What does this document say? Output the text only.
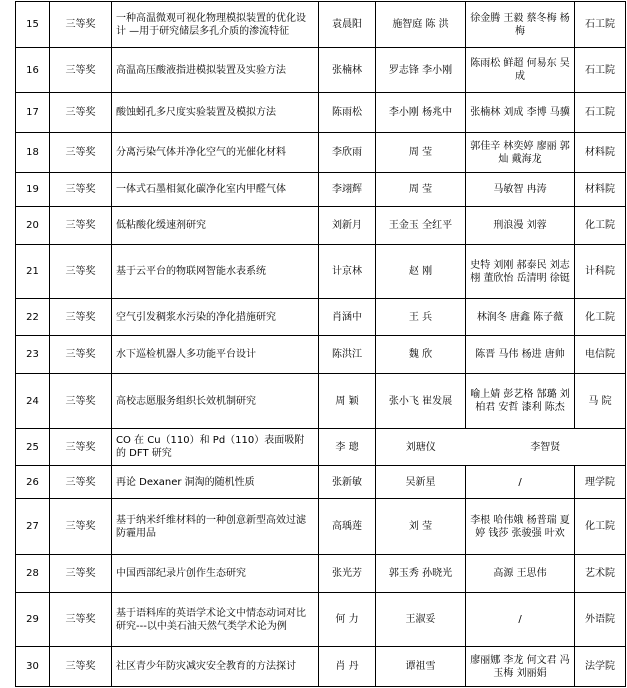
15	三等奖	一种高温微观可视化物理模拟装置的优化设计 —用于研究储层多孔介质的渗流特征	袁晨阳	施智庭 陈 洪	徐金腾 王毅 蔡冬梅 杨梅	石工院
16	三等奖	高温高压酸液指进模拟装置及实验方法	张楠林	罗志锋 李小刚	陈雨松 鲜超 何易东 吴成	石工院
17	三等奖	酸蚀蚓孔多尺度实验装置及模拟方法	陈雨松	李小刚 杨兆中	张楠林 刘成 李博 马骥	石工院
18	三等奖	分离污染气体并净化空气的光催化材料	李欣雨	周 莹	郭佳辛 林奕婷 廖丽 郭灿 戴海龙	材料院
19	三等奖	一体式石墨相氮化碳净化室内甲醛气体	李翊辉	周 莹	马敏智 冉涛	材料院
20	三等奖	低粘酸化缓速剂研究	刘新月	王金玉 全红平	刑浪漫 刘蓉	化工院
21	三等奖	基于云平台的物联网智能水表系统	计京林	赵 刚	史特 刘刚 郝泰民 刘志栩 董欣怡 岳清明 徐铤	计科院
22	三等奖	空气引发稠浆水污染的净化措施研究	肖涵中	王 兵	林润冬 唐鑫 陈子薇	化工院
23	三等奖	水下巡检机器人多功能平台设计	陈洪江	魏 欣	陈晋 马伟 杨进 唐帅	电信院
24	三等奖	高校志愿服务组织长效机制研究	周 颖	张小飞 崔发展	喻上婧 彭艺格 郜璐 刘柏君 安哲 漆利 陈杰	马 院
25	三等奖	CO 在 Cu（110）和 Pd（110）表面吸附的 DFT 研究	李 璁	刘瑭仪	李智贤	
26	三等奖	再论 Dexaner 洞淘的随机性质	张新敏	吴新星	/	理学院
27	三等奖	基于纳米纤维材料的一种创意新型高效过滤防霾用品	高瑀莲	刘 莹	李根 哈伟娥 杨普瑞 夏婷 钱莎 张骏强 叶欢	化工院
28	三等奖	中国西部纪录片创作生态研究	张光芳	郭玉秀 孙晓光	高源 王思伟	艺术院
29	三等奖	基于语料库的英语学术论文中情态动词对比研究---以中美石油天然气类学术论为例	何 力	王淑妥	/	外语院
30	三等奖	社区青少年防灾减灾安全教育的方法探讨	肖 丹	谭祖雪	廖丽娜 李龙 何文君 冯玉梅 刘丽娟	法学院
